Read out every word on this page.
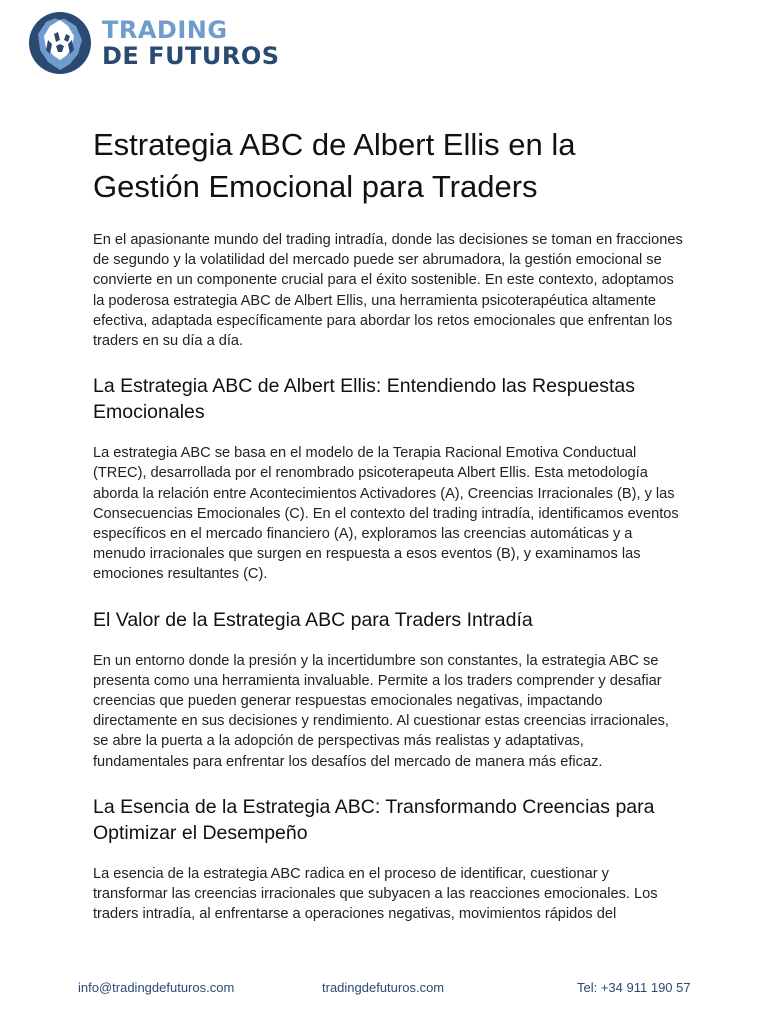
TRADING
DE FUTUROS
Estrategia ABC de Albert Ellis en la Gestión Emocional para Traders

En el apasionante mundo del trading intradía, donde las decisiones se toman en fracciones de segundo y la volatilidad del mercado puede ser abrumadora, la gestión emocional se convierte en un componente crucial para el éxito sostenible. En este contexto, adoptamos la poderosa estrategia ABC de Albert Ellis, una herramienta psicoterapéutica altamente efectiva, adaptada específicamente para abordar los retos emocionales que enfrentan los traders en su día a día.

La Estrategia ABC de Albert Ellis: Entendiendo las Respuestas Emocionales

La estrategia ABC se basa en el modelo de la Terapia Racional Emotiva Conductual (TREC), desarrollada por el renombrado psicoterapeuta Albert Ellis. Esta metodología aborda la relación entre Acontecimientos Activadores (A), Creencias Irracionales (B), y las Consecuencias Emocionales (C). En el contexto del trading intradía, identificamos eventos específicos en el mercado financiero (A), exploramos las creencias automáticas y a menudo irracionales que surgen en respuesta a esos eventos (B), y examinamos las emociones resultantes (C).

El Valor de la Estrategia ABC para Traders Intradía

En un entorno donde la presión y la incertidumbre son constantes, la estrategia ABC se presenta como una herramienta invaluable. Permite a los traders comprender y desafiar creencias que pueden generar respuestas emocionales negativas, impactando directamente en sus decisiones y rendimiento. Al cuestionar estas creencias irracionales, se abre la puerta a la adopción de perspectivas más realistas y adaptativas, fundamentales para enfrentar los desafíos del mercado de manera más eficaz.

La Esencia de la Estrategia ABC: Transformando Creencias para Optimizar el Desempeño

La esencia de la estrategia ABC radica en el proceso de identificar, cuestionar y transformar las creencias irracionales que subyacen a las reacciones emocionales. Los traders intradía, al enfrentarse a operaciones negativas, movimientos rápidos del

info@tradingdefuturos.com	tradingdefuturos.com	Tel: +34 911 190 57
